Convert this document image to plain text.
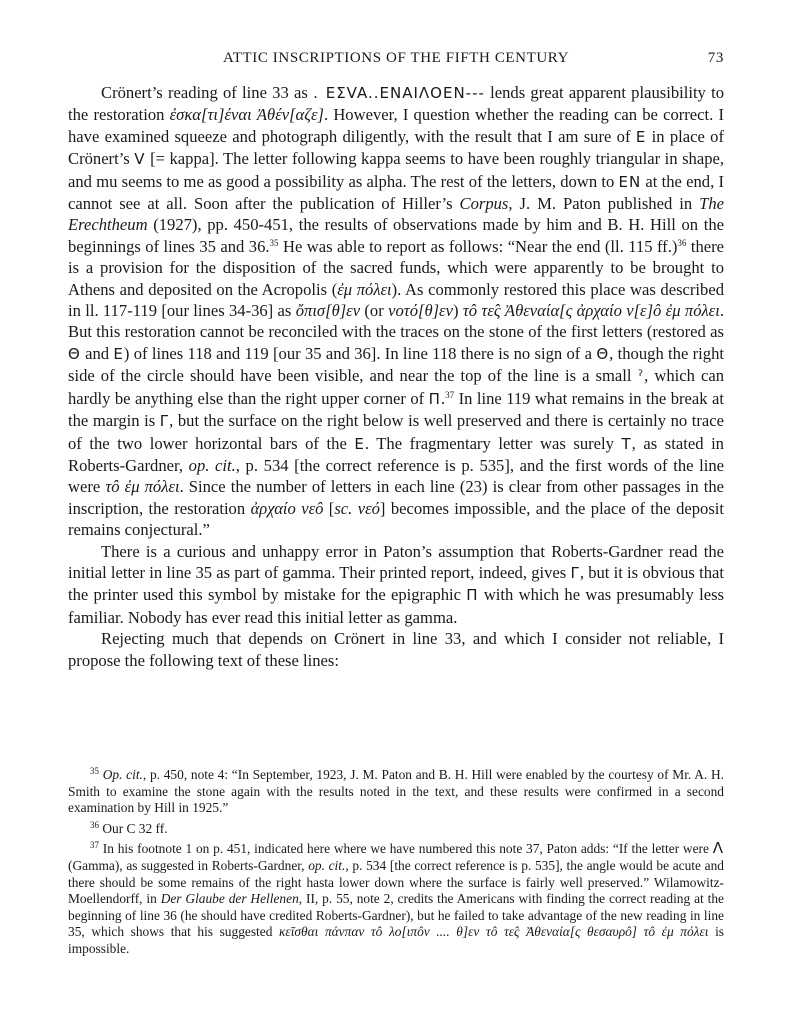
ATTIC INSCRIPTIONS OF THE FIFTH CENTURY	73

Crönert’s reading of line 33 as . EΣVA..ENAIΛOEN--- lends great apparent plausibility to the restoration ἐσκα[τι]έναι Ἀθέν[αζε]. However, I question whether the reading can be correct. I have examined squeeze and photograph diligently, with the result that I am sure of E in place of Crönert’s V [= kappa]. The letter following kappa seems to have been roughly triangular in shape, and mu seems to me as good a possibility as alpha. The rest of the letters, down to EN at the end, I cannot see at all. Soon after the publication of Hiller’s Corpus, J. M. Paton published in The Erechtheum (1927), pp. 450-451, the results of observations made by him and B. H. Hill on the beginnings of lines 35 and 36.35 He was able to report as follows: “Near the end (ll. 115 ff.)$^{36}$ there is a provision for the disposition of the sacred funds, which were apparently to be brought to Athens and deposited on the Acropolis (ἐμ πόλει). As commonly restored this place was described in ll. 117-119 [our lines 34-36] as ὄπισ[θ]εν (or νοτό[θ]εν) τô τε̂ς Ἀθεναία[ς ἀρχαίο ν[ε]ô ἐμ πόλει. But this restoration cannot be reconciled with the traces on the stone of the first letters (restored as Θ and E) of lines 118 and 119 [our 35 and 36]. In line 118 there is no sign of a Θ, though the right side of the circle should have been visible, and near the top of the line is a small ˀ, which can hardly be anything else than the right upper corner of Π.$^{37}$ In line 119 what remains in the break at the margin is Γ, but the surface on the right below is well preserved and there is certainly no trace of the two lower horizontal bars of the E. The fragmentary letter was surely T, as stated in Roberts-Gardner, op. cit., p. 534 [the correct reference is p. 535], and the first words of the line were τô ἐμ πόλει. Since the number of letters in each line (23) is clear from other passages in the inscription, the restoration ἀρχαίο νεô [sc. νεό] becomes impossible, and the place of the deposit remains conjectural.”

There is a curious and unhappy error in Paton’s assumption that Roberts-Gardner read the initial letter in line 35 as part of gamma. Their printed report, indeed, gives Γ, but it is obvious that the printer used this symbol by mistake for the epigraphic Π with which he was presumably less familiar. Nobody has ever read this initial letter as gamma.

Rejecting much that depends on Crönert in line 33, and which I consider not reliable, I propose the following text of these lines:

$^{35}$ Op. cit., p. 450, note 4: “In September, 1923, J. M. Paton and B. H. Hill were enabled by the courtesy of Mr. A. H. Smith to examine the stone again with the results noted in the text, and these results were confirmed in a second examination by Hill in 1925.”

$^{36}$ Our C 32 ff.

$^{37}$ In his footnote 1 on p. 451, indicated here where we have numbered this note 37, Paton adds: “If the letter were Λ (Gamma), as suggested in Roberts-Gardner, op. cit., p. 534 [the correct reference is p. 535], the angle would be acute and there should be some remains of the right hasta lower down where the surface is fairly well preserved.” Wilamowitz-Moellendorff, in Der Glaube der Hellenen, II, p. 55, note 2, credits the Americans with finding the correct reading at the beginning of line 36 (he should have credited Roberts-Gardner), but he failed to take advantage of the new reading in line 35, which shows that his suggested κεῖσθαι πάνπαν τô λο[ιπôν .... θ]εν τô τε̂ς Ἀθεναία[ς θεσαυρô] τô ἐμ πόλει is impossible.
